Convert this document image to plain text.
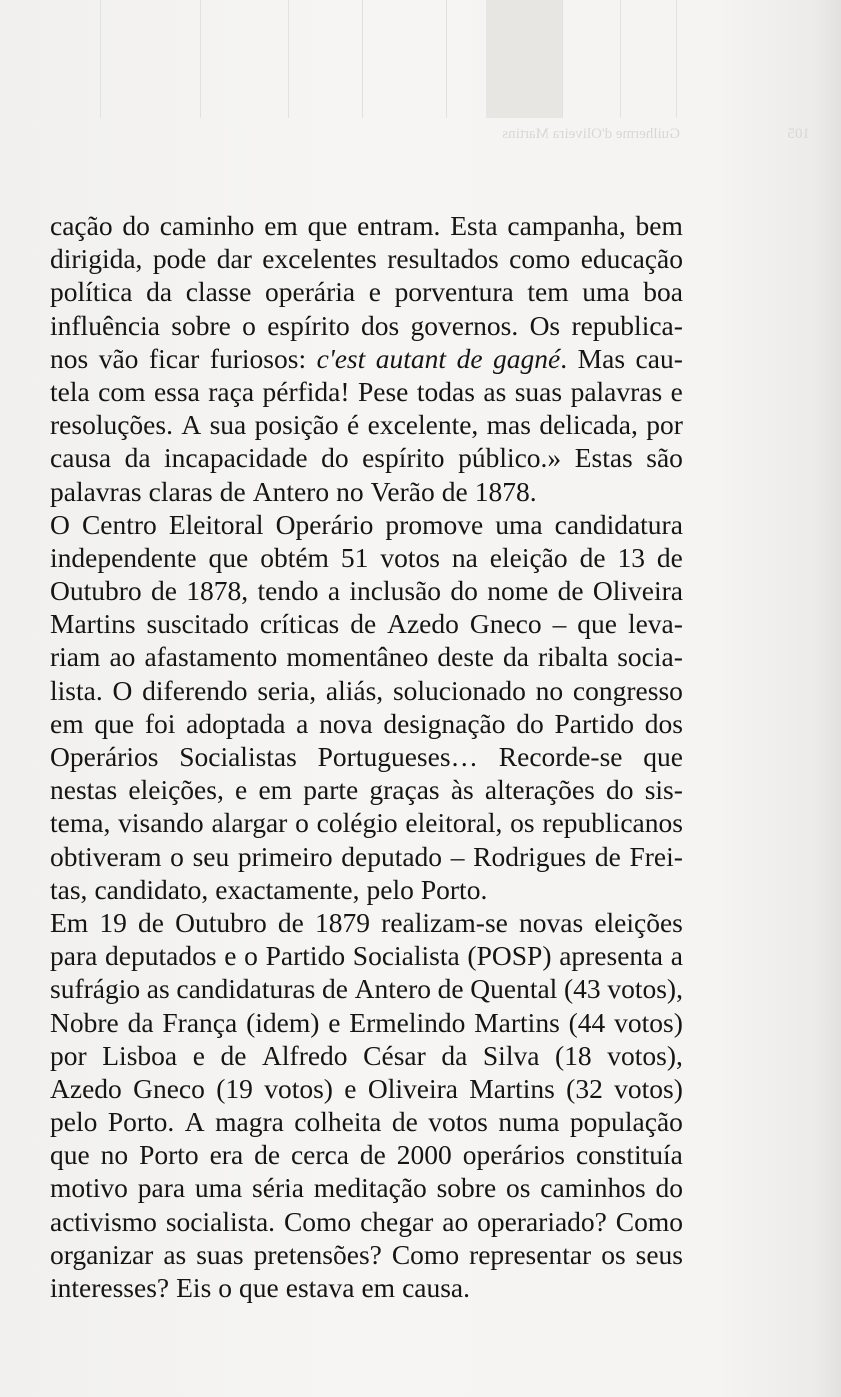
105
Guilherme d'Oliveira Martins
cação do caminho em que entram. Esta campanha, bem
dirigida, pode dar excelentes resultados como educação
política da classe operária e porventura tem uma boa
influência sobre o espírito dos governos. Os republica-
nos vão ficar furiosos: c'est autant de gagné. Mas cau-
tela com essa raça pérfida! Pese todas as suas palavras e
resoluções. A sua posição é excelente, mas delicada, por
causa da incapacidade do espírito público.» Estas são
palavras claras de Antero no Verão de 1878.
O Centro Eleitoral Operário promove uma candidatura
independente que obtém 51 votos na eleição de 13 de
Outubro de 1878, tendo a inclusão do nome de Oliveira
Martins suscitado críticas de Azedo Gneco – que leva-
riam ao afastamento momentâneo deste da ribalta socia-
lista. O diferendo seria, aliás, solucionado no congresso
em que foi adoptada a nova designação do Partido dos
Operários Socialistas Portugueses… Recorde-se que
nestas eleições, e em parte graças às alterações do sis-
tema, visando alargar o colégio eleitoral, os republicanos
obtiveram o seu primeiro deputado – Rodrigues de Frei-
tas, candidato, exactamente, pelo Porto.
Em 19 de Outubro de 1879 realizam-se novas eleições
para deputados e o Partido Socialista (POSP) apresenta a
sufrágio as candidaturas de Antero de Quental (43 votos),
Nobre da França (idem) e Ermelindo Martins (44 votos)
por Lisboa e de Alfredo César da Silva (18 votos),
Azedo Gneco (19 votos) e Oliveira Martins (32 votos)
pelo Porto. A magra colheita de votos numa população
que no Porto era de cerca de 2000 operários constituía
motivo para uma séria meditação sobre os caminhos do
activismo socialista. Como chegar ao operariado? Como
organizar as suas pretensões? Como representar os seus
interesses? Eis o que estava em causa.
